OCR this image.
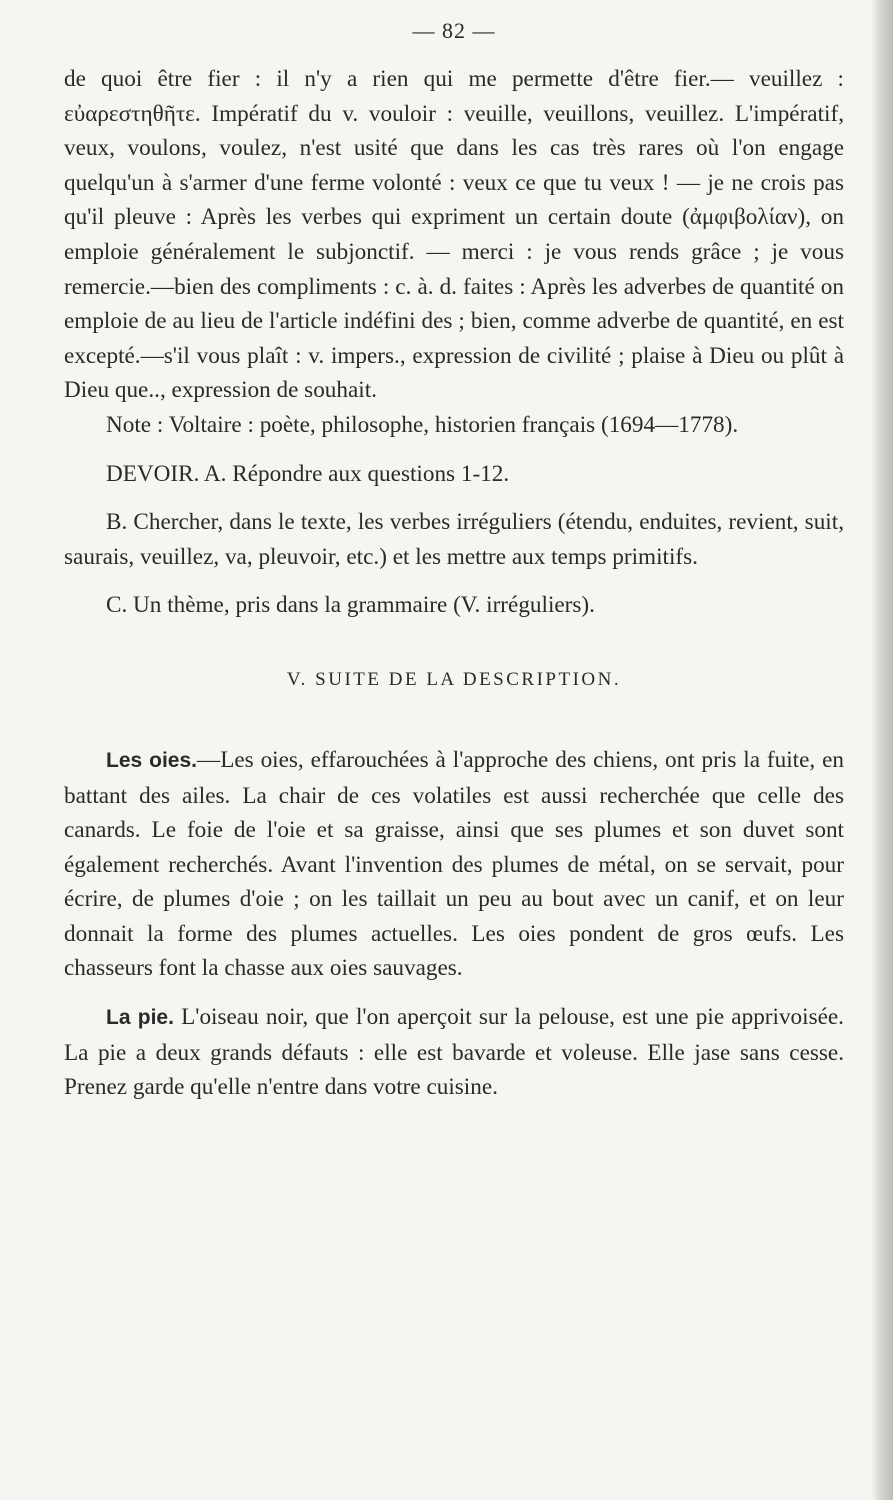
— 82 —

de quoi être fier : il n'y a rien qui me permette d'être fier.— veuillez : εὐαρεστηθῆτε. Impératif du v. vouloir : veuille, veuillons, veuillez. L'impératif, veux, voulons, voulez, n'est usité que dans les cas très rares où l'on engage quelqu'un à s'armer d'une ferme volonté : veux ce que tu veux ! — je ne crois pas qu'il pleuve : Après les verbes qui expriment un certain doute (ἀμφιβολίαν), on emploie généralement le subjonctif. — merci : je vous rends grâce ; je vous remercie.—bien des compliments : c. à. d. faites : Après les adverbes de quantité on emploie de au lieu de l'article indéfini des ; bien, comme adverbe de quantité, en est excepté.—s'il vous plaît : v. impers., expression de civilité ; plaise à Dieu ou plût à Dieu que.., expression de souhait.

Note : Voltaire : poète, philosophe, historien français (1694—1778).

DEVOIR. A. Répondre aux questions 1-12.

B. Chercher, dans le texte, les verbes irréguliers (étendu, enduites, revient, suit, saurais, veuillez, va, pleuvoir, etc.) et les mettre aux temps primitifs.

C. Un thème, pris dans la grammaire (V. irréguliers).

V. SUITE DE LA DESCRIPTION.

Les oies.—Les oies, effarouchées à l'approche des chiens, ont pris la fuite, en battant des ailes. La chair de ces volatiles est aussi recherchée que celle des canards. Le foie de l'oie et sa graisse, ainsi que ses plumes et son duvet sont également recherchés. Avant l'invention des plumes de métal, on se servait, pour écrire, de plumes d'oie ; on les taillait un peu au bout avec un canif, et on leur donnait la forme des plumes actuelles. Les oies pondent de gros œufs. Les chasseurs font la chasse aux oies sauvages.

La pie. L'oiseau noir, que l'on aperçoit sur la pelouse, est une pie apprivoisée. La pie a deux grands défauts : elle est bavarde et voleuse. Elle jase sans cesse. Prenez garde qu'elle n'entre dans votre cuisine.
